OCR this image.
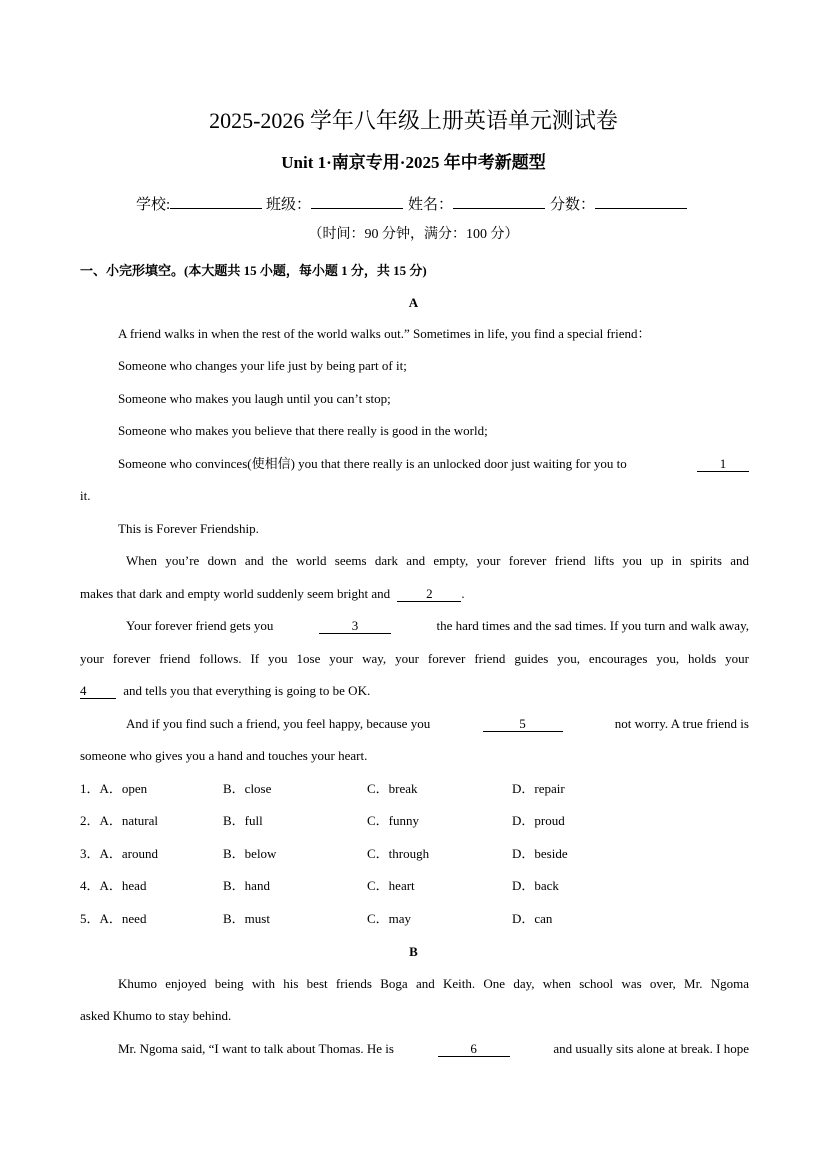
2025-2026 学年八年级上册英语单元测试卷
Unit 1·南京专用·2025 年中考新题型
学校:	班级：	姓名：	分数：
（时间：90 分钟，满分：100 分）
一、小完形填空。(本大题共 15 小题，每小题 1 分，共 15 分)
A
A friend walks in when the rest of the world walks out.” Sometimes in life, you find a special friend：
Someone who changes your life just by being part of it;
Someone who makes you laugh until you can’t stop;
Someone who makes you believe that there really is good in the world;
Someone who convinces(使相信) you that there really is an unlocked door just waiting for you to	1
it.
This is Forever Friendship.
When you’re down and the world seems dark and empty, your forever friend lifts you up in spirits and
makes that dark and empty world suddenly seem bright and	2 .
Your forever friend gets you	3	the hard times and the sad times. If you turn and walk away,
your forever friend follows. If you 1ose your way, your forever friend guides you, encourages you, holds your
4	and tells you that everything is going to be OK.
And if you find such a friend, you feel happy, because you	5	not worry. A true friend is
someone who gives you a hand and touches your heart.
1．A．open	B．close	C．break	D．repair
2．A．natural	B．full	C．funny	D．proud
3．A．around	B．below	C．through	D．beside
4．A．head	B．hand	C．heart	D．back
5．A．need	B．must	C．may	D．can
B
Khumo enjoyed being with his best friends Boga and Keith. One day, when school was over, Mr. Ngoma
asked Khumo to stay behind.
Mr. Ngoma said, “I want to talk about Thomas. He is	6	and usually sits alone at break. I hope
